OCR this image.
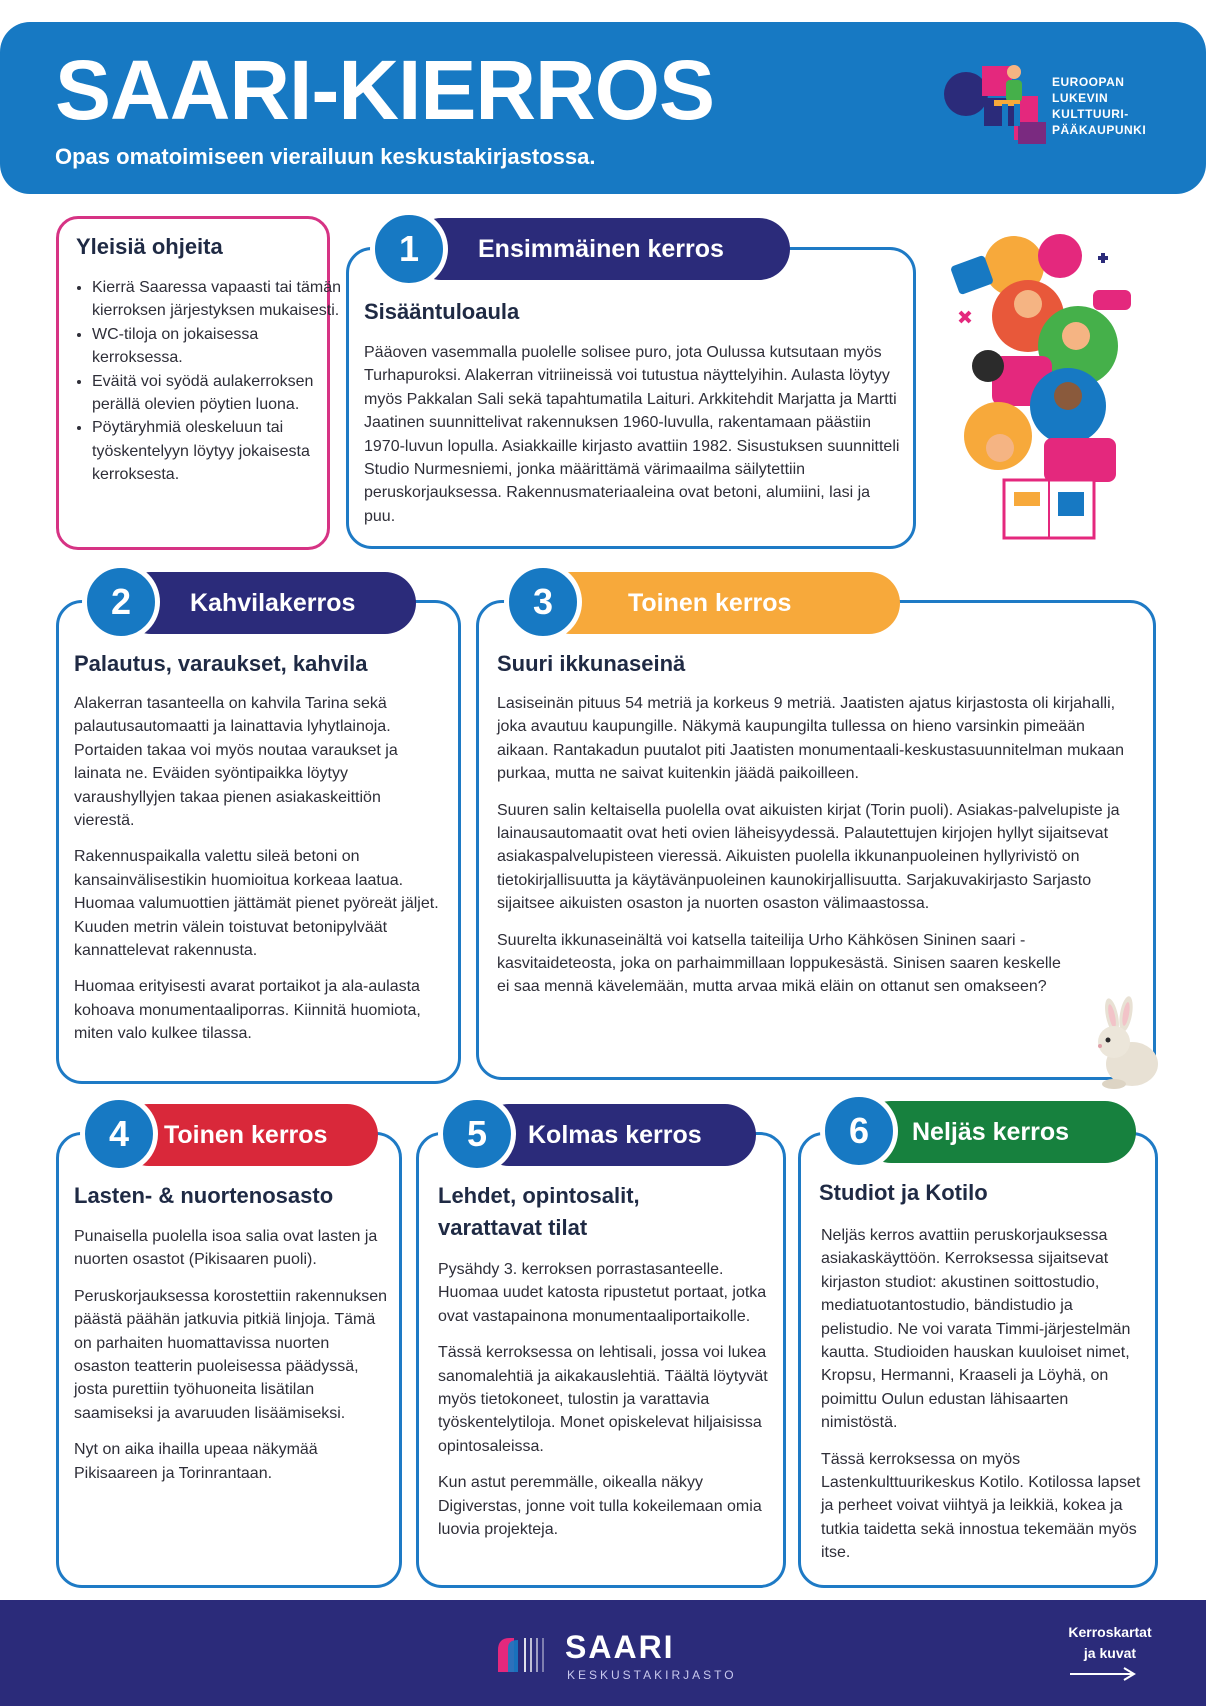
SAARI-KIERROS
Opas omatoimiseen vierailuun keskustakirjastossa.
EUROOPAN
LUKEVIN
KULTTUURI-
PÄÄKAUPUNKI
Yleisiä ohjeita
• Kierrä Saaressa vapaasti tai tämän kierroksen järjestyksen mukaisesti.
• WC-tiloja on jokaisessa kerroksessa.
• Eväitä voi syödä aulakerroksen perällä olevien pöytien luona.
• Pöytäryhmiä oleskeluun tai työskentelyyn löytyy jokaisesta kerroksesta.
Ensimmäinen kerros
1
Sisääntuloaula

Pääoven vasemmalla puolelle solisee puro, jota Oulussa kutsutaan myös Turhapuroksi. Alakerran vitriineissä voi tutustua näyttelyihin. Aulasta löytyy myös Pakkalan Sali sekä tapahtumatila Laituri. Arkkitehdit Marjatta ja Martti Jaatinen suunnittelivat rakennuksen 1960-luvulla, rakentamaan päästiin 1970-luvun lopulla. Asiakkaille kirjasto avattiin 1982. Sisustuksen suunnitteli Studio Nurmesniemi, jonka määrittämä värimaailma säilytettiin peruskorjauksessa. Rakennusmateriaaleina ovat betoni, alumiini, lasi ja puu.

Kahvilakerros
2
Palautus, varaukset, kahvila

Alakerran tasanteella on kahvila Tarina sekä palautusautomaatti ja lainattavia lyhytlainoja. Portaiden takaa voi myös noutaa varaukset ja lainata ne. Eväiden syöntipaikka löytyy varaushyllyjen takaa pienen asiakaskeittiön vierestä.

Rakennuspaikalla valettu sileä betoni on kansainvälisestikin huomioitua korkeaa laatua. Huomaa valumuottien jättämät pienet pyöreät jäljet. Kuuden metrin välein toistuvat betonipylväät kannattelevat rakennusta.

Huomaa erityisesti avarat portaikot ja ala-aulasta kohoava monumentaaliporras. Kiinnitä huomiota, miten valo kulkee tilassa.

Toinen kerros
3
Suuri ikkunaseinä

Lasiseinän pituus 54 metriä ja korkeus 9 metriä. Jaatisten ajatus kirjastosta oli kirjahalli, joka avautuu kaupungille. Näkymä kaupungilta tullessa on hieno varsinkin pimeään aikaan. Rantakadun puutalot piti Jaatisten monumentaali-keskustasuunnitelman mukaan purkaa, mutta ne saivat kuitenkin jäädä paikoilleen.

Suuren salin keltaisella puolella ovat aikuisten kirjat (Torin puoli). Asiakas-palvelupiste ja lainausautomaatit ovat heti ovien läheisyydessä. Palautettujen kirjojen hyllyt sijaitsevat asiakaspalvelupisteen vieressä. Aikuisten puolella ikkunanpuoleinen hyllyrivistö on tietokirjallisuutta ja käytävänpuoleinen kaunokirjallisuutta. Sarjakuvakirjasto Sarjasto sijaitsee aikuisten osaston ja nuorten osaston välimaastossa.

Suurelta ikkunaseinältä voi katsella taiteilija Urho Kähkösen Sininen saari -kasvitaideteosta, joka on parhaimmillaan loppukesästä. Sinisen saaren keskelle ei saa mennä kävelemään, mutta arvaa mikä eläin on ottanut sen omakseen?

Toinen kerros
4
Lasten- & nuortenosasto

Punaisella puolella isoa salia ovat lasten ja nuorten osastot (Pikisaaren puoli).

Peruskorjauksessa korostettiin rakennuksen päästä päähän jatkuvia pitkiä linjoja. Tämä on parhaiten huomattavissa nuorten osaston teatterin puoleisessa päädyssä, josta purettiin työhuoneita lisätilan saamiseksi ja avaruuden lisäämiseksi.

Nyt on aika ihailla upeaa näkymää Pikisaareen ja Torinrantaan.

Kolmas kerros
5
Lehdet, opintosalit, varattavat tilat

Pysähdy 3. kerroksen porrastasanteelle. Huomaa uudet katosta ripustetut portaat, jotka ovat vastapainona monumentaaliportaikolle.

Tässä kerroksessa on lehtisali, jossa voi lukea sanomalehtiä ja aikakauslehtiä. Täältä löytyvät myös tietokoneet, tulostin ja varattavia työskentelytiloja. Monet opiskelevat hiljaisissa opintosaleissa.

Kun astut peremmälle, oikealla näkyy Digiverstas, jonne voit tulla kokeilemaan omia luovia projekteja.

Neljäs kerros
6
Studiot ja Kotilo

Neljäs kerros avattiin peruskorjauksessa asiakaskäyttöön. Kerroksessa sijaitsevat kirjaston studiot: akustinen soittostudio, mediatuotantostudio, bändistudio ja pelistudio. Ne voi varata Timmi-järjestelmän kautta. Studioiden hauskan kuuloiset nimet, Kropsu, Hermanni, Kraaseli ja Löyhä, on poimittu Oulun edustan lähisaarten nimistöstä.

Tässä kerroksessa on myös Lastenkulttuurikeskus Kotilo. Kotilossa lapset ja perheet voivat viihtyä ja leikkiä, kokea ja tutkia taidetta sekä innostua tekemään myös itse.

SAARI
KESKUSTAKIRJASTO
Kerroskartat
ja kuvat
